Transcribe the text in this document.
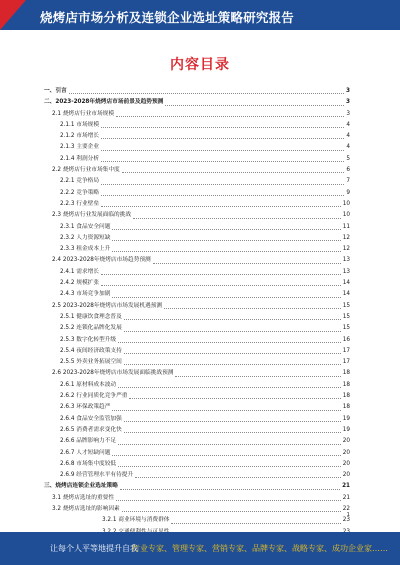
烧烤店市场分析及连锁企业选址策略研究报告
内容目录
一、引言	3
二、2023-2028年烧烤店市场前景及趋势预测	3
2.1 烧烤店行业市场规模	3
2.1.1 市场规模	4
2.1.2 市场增长	4
2.1.3 主要企业	4
2.1.4 利润分析	5
2.2 烧烤店行业市场集中度	6
2.2.1 竞争格局	7
2.2.2 竞争策略	9
2.2.3 行业壁垒	10
2.3 烧烤店行业发展面临的挑战	10
2.3.1 食品安全问题	11
2.3.2 人力资源短缺	12
2.3.3 租金成本上升	12
2.4 2023-2028年烧烤店市场趋势预测	13
2.4.1 需求增长	13
2.4.2 规模扩张	14
2.4.3 市场竞争加剧	14
2.5 2023-2028年烧烤店市场发展机遇预测	15
2.5.1 健康饮食理念普及	15
2.5.2 连锁化品牌化发展	15
2.5.3 数字化转型升级	16
2.5.4 夜间经济政策支持	17
2.5.5 外卖业务拓展空间	17
2.6 2023-2028年烧烤店市场发展面临挑战预测	18
2.6.1 原材料成本波动	18
2.6.2 行业同质化竞争严重	18
2.6.3 环保政策趋严	18
2.6.4 食品安全监管加强	19
2.6.5 消费者需求变化快	19
2.6.6 品牌影响力不足	20
2.6.7 人才短缺问题	20
2.6.8 市场集中度较低	20
2.6.9 经营管理水平有待提升	20
三、烧烤店连锁企业选址策略	21
3.1 烧烤店选址的重要性	21
3.2 烧烤店选址的影响因素	22
3.2.1 商业环境与消费群体	23
1
让每个人平等地提升自我
行业专家、管理专家、营销专家、品牌专家、战略专家、成功企业家……
